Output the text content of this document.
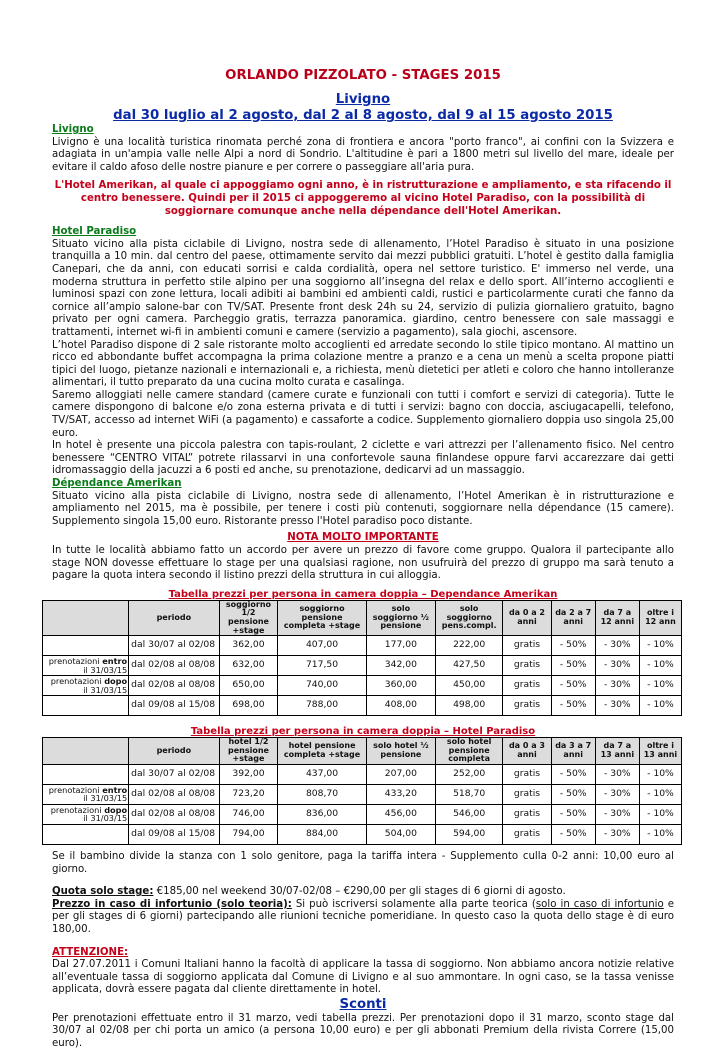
ORLANDO PIZZOLATO - STAGES 2015
Livigno
dal 30 luglio al 2 agosto, dal 2 al 8 agosto, dal 9 al 15 agosto 2015
Livigno

Livigno è una località turistica rinomata perché zona di frontiera e ancora "porto franco", ai confini con la Svizzera e adagiata in un'ampia valle nelle Alpi a nord di Sondrio. L'altitudine è pari a 1800 metri sul livello del mare, ideale per evitare il caldo afoso delle nostre pianure e per correre o passeggiare all'aria pura.

L'Hotel Amerikan, al quale ci appoggiamo ogni anno, è in ristrutturazione e ampliamento, e sta rifacendo il centro benessere. Quindi per il 2015 ci appoggeremo al vicino Hotel Paradiso, con la possibilità di soggiornare comunque anche nella dépendance dell'Hotel Amerikan.

Hotel Paradiso

Situato vicino alla pista ciclabile di Livigno, nostra sede di allenamento, l’Hotel Paradiso è situato in una posizione tranquilla a 10 min. dal centro del paese, ottimamente servito dai mezzi pubblici gratuiti. L’hotel è gestito dalla famiglia Canepari, che da anni, con educati sorrisi e calda cordialità, opera nel settore turistico. E' immerso nel verde, una moderna struttura in perfetto stile alpino per una soggiorno all’insegna del relax e dello sport. All’interno accoglienti e luminosi spazi con zone lettura, locali adibiti ai bambini ed ambienti caldi, rustici e particolarmente curati che fanno da cornice all’ampio salone-bar con TV/SAT. Presente front desk 24h su 24, servizio di pulizia giornaliero gratuito, bagno privato per ogni camera. Parcheggio gratis, terrazza panoramica. giardino, centro benessere con sale massaggi e trattamenti, internet wi-fi in ambienti comuni e camere (servizio a pagamento), sala giochi, ascensore.

L’hotel Paradiso dispone di 2 sale ristorante molto accoglienti ed arredate secondo lo stile tipico montano. Al mattino un ricco ed abbondante buffet accompagna la prima colazione mentre a pranzo e a cena un menù a scelta propone piatti tipici del luogo, pietanze nazionali e internazionali e, a richiesta, menù dietetici per atleti e coloro che hanno intolleranze alimentari, il tutto preparato da una cucina molto curata e casalinga.

Saremo alloggiati nelle camere standard (camere curate e funzionali con tutti i comfort e servizi di categoria). Tutte le camere dispongono di balcone e/o zona esterna privata e di tutti i servizi: bagno con doccia, asciugacapelli, telefono, TV/SAT, accesso ad internet WiFi (a pagamento) e cassaforte a codice. Supplemento giornaliero doppia uso singola 25,00 euro.

In hotel è presente una piccola palestra con tapis-roulant, 2 ciclette e vari attrezzi per l’allenamento fisico. Nel centro benessere “CENTRO VITAL” potrete rilassarvi in una confortevole sauna finlandese oppure farvi accarezzare dai getti idromassaggio della jacuzzi a 6 posti ed anche, su prenotazione, dedicarvi ad un massaggio.

Dépendance Amerikan

Situato vicino alla pista ciclabile di Livigno, nostra sede di allenamento, l’Hotel Amerikan è in ristrutturazione e ampliamento nel 2015, ma è possibile, per tenere i costi più contenuti, soggiornare nella dépendance (15 camere). Supplemento singola 15,00 euro. Ristorante presso l'Hotel paradiso poco distante.

NOTA MOLTO IMPORTANTE

In tutte le località abbiamo fatto un accordo per avere un prezzo di favore come gruppo. Qualora il partecipante allo stage NON dovesse effettuare lo stage per una qualsiasi ragione, non usufruirà del prezzo di gruppo ma sarà tenuto a pagare la quota intera secondo il listino prezzi della struttura in cui alloggia.

Tabella prezzi per persona in camera doppia – Dependance Amerikan
	periodo	soggiorno 1/2 pensione +stage	soggiorno pensione completa +stage	solo soggiorno ½ pensione	solo soggiorno pens.compl.	da 0 a 2 anni	da 2 a 7 anni	da 7 a 12 anni	oltre i 12 ann
	dal 30/07 al 02/08	362,00	407,00	177,00	222,00	gratis	- 50%	- 30%	- 10%
prenotazioni entro il 31/03/15	dal 02/08 al 08/08	632,00	717,50	342,00	427,50	gratis	- 50%	- 30%	- 10%
prenotazioni dopo il 31/03/15	dal 02/08 al 08/08	650,00	740,00	360,00	450,00	gratis	- 50%	- 30%	- 10%
	dal 09/08 al 15/08	698,00	788,00	408,00	498,00	gratis	- 50%	- 30%	- 10%
Tabella prezzi per persona in camera doppia – Hotel Paradiso
	periodo	hotel 1/2 pensione +stage	hotel pensione completa +stage	solo hotel ½ pensione	solo hotel pensione completa	da 0 a 3 anni	da 3 a 7 anni	da 7 a 13 anni	oltre i 13 anni
	dal 30/07 al 02/08	392,00	437,00	207,00	252,00	gratis	- 50%	- 30%	- 10%
prenotazioni entro il 31/03/15	dal 02/08 al 08/08	723,20	808,70	433,20	518,70	gratis	- 50%	- 30%	- 10%
prenotazioni dopo il 31/03/15	dal 02/08 al 08/08	746,00	836,00	456,00	546,00	gratis	- 50%	- 30%	- 10%
	dal 09/08 al 15/08	794,00	884,00	504,00	594,00	gratis	- 50%	- 30%	- 10%

Se il bambino divide la stanza con 1 solo genitore, paga la tariffa intera - Supplemento culla 0-2 anni: 10,00 euro al giorno.

Quota solo stage: €185,00 nel weekend 30/07-02/08 – €290,00 per gli stages di 6 giorni di agosto.

Prezzo in caso di infortunio (solo teoria): Si può iscriversi solamente alla parte teorica (solo in caso di infortunio e per gli stages di 6 giorni) partecipando alle riunioni tecniche pomeridiane. In questo caso la quota dello stage è di euro 180,00.

ATTENZIONE:

Dal 27.07.2011 i Comuni Italiani hanno la facoltà di applicare la tassa di soggiorno. Non abbiamo ancora notizie relative all’eventuale tassa di soggiorno applicata dal Comune di Livigno e al suo ammontare. In ogni caso, se la tassa venisse applicata, dovrà essere pagata dal cliente direttamente in hotel.

Sconti

Per prenotazioni effettuate entro il 31 marzo, vedi tabella prezzi. Per prenotazioni dopo il 31 marzo, sconto stage dal 30/07 al 02/08 per chi porta un amico (a persona 10,00 euro) e per gli abbonati Premium della rivista Correre (15,00 euro).
